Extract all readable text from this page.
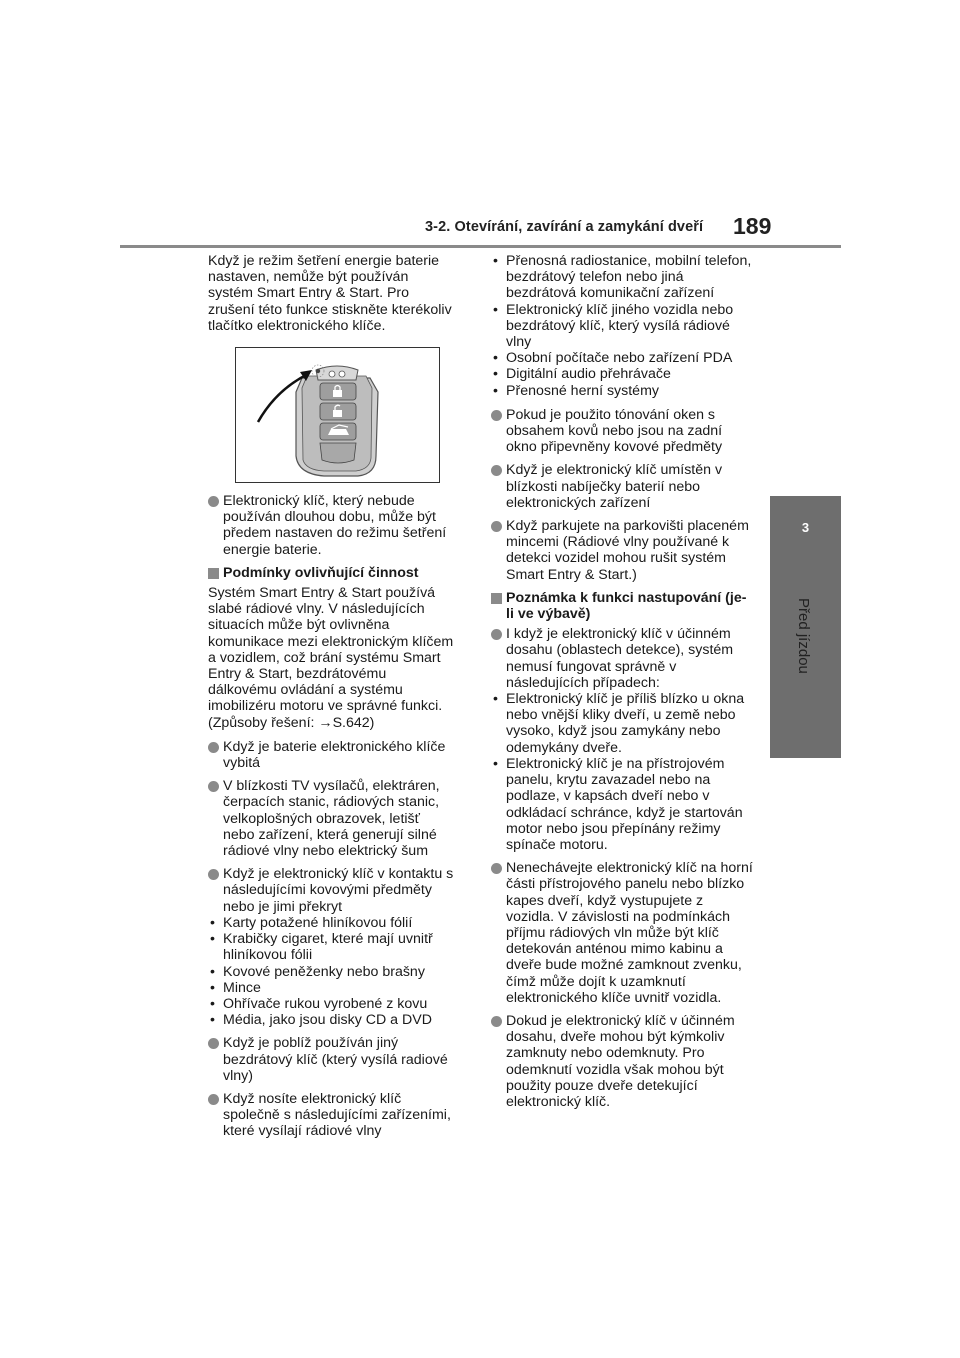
3-2. Otevírání, zavírání a zamykání dveří 189
3
Před jízdou

Když je režim šetření energie baterie nastaven, nemůže být používán systém Smart Entry & Start. Pro zrušení této funkce stiskněte kterékoliv tlačítko elektronického klíče.

Elektronický klíč, který nebude používán dlouhou dobu, může být předem nastaven do režimu šetření energie baterie.

Podmínky ovlivňující činnost

Systém Smart Entry & Start používá slabé rádiové vlny. V následujících situacích může být ovlivněna komunikace mezi elektronickým klíčem a vozidlem, což brání systému Smart Entry & Start, bezdrátovému dálkovému ovládání a systému imobilizéru motoru ve správné funkci.

(Způsoby řešení: →S.642)

Když je baterie elektronického klíče vybitá

V blízkosti TV vysílačů, elektráren, čerpacích stanic, rádiových stanic, velkoplošných obrazovek, letišť nebo zařízení, která generují silné rádiové vlny nebo elektrický šum

Když je elektronický klíč v kontaktu s následujícími kovovými předměty nebo je jimi překryt
• Karty potažené hliníkovou fólií
• Krabičky cigaret, které mají uvnitř hliníkovou fólii
• Kovové peněženky nebo brašny
• Mince
• Ohřívače rukou vyrobené z kovu
• Média, jako jsou disky CD a DVD

Když je poblíž používán jiný bezdrátový klíč (který vysílá radiové vlny)

Když nosíte elektronický klíč společně s následujícími zařízeními, které vysílají rádiové vlny

• Přenosná radiostanice, mobilní telefon, bezdrátový telefon nebo jiná bezdrátová komunikační zařízení
• Elektronický klíč jiného vozidla nebo bezdrátový klíč, který vysílá rádiové vlny
• Osobní počítače nebo zařízení PDA
• Digitální audio přehrávače
• Přenosné herní systémy

Pokud je použito tónování oken s obsahem kovů nebo jsou na zadní okno připevněny kovové předměty

Když je elektronický klíč umístěn v blízkosti nabíječky baterií nebo elektronických zařízení

Když parkujete na parkovišti placeném mincemi (Rádiové vlny používané k detekci vozidel mohou rušit systém Smart Entry & Start.)

Poznámka k funkci nastupování (je-li ve výbavě)

I když je elektronický klíč v účinném dosahu (oblastech detekce), systém nemusí fungovat správně v následujících případech:
• Elektronický klíč je příliš blízko u okna nebo vnější kliky dveří, u země nebo vysoko, když jsou zamykány nebo odemykány dveře.
• Elektronický klíč je na přístrojovém panelu, krytu zavazadel nebo na podlaze, v kapsách dveří nebo v odkládací schránce, když je startován motor nebo jsou přepínány režimy spínače motoru.

Nenechávejte elektronický klíč na horní části přístrojového panelu nebo blízko kapes dveří, když vystupujete z vozidla. V závislosti na podmínkách příjmu rádiových vln může být klíč detekován anténou mimo kabinu a dveře bude možné zamknout zvenku, čímž může dojít k uzamknutí elektronického klíče uvnitř vozidla.

Dokud je elektronický klíč v účinném dosahu, dveře mohou být kýmkoliv zamknuty nebo odemknuty. Pro odemknutí vozidla však mohou být použity pouze dveře detekující elektronický klíč.
